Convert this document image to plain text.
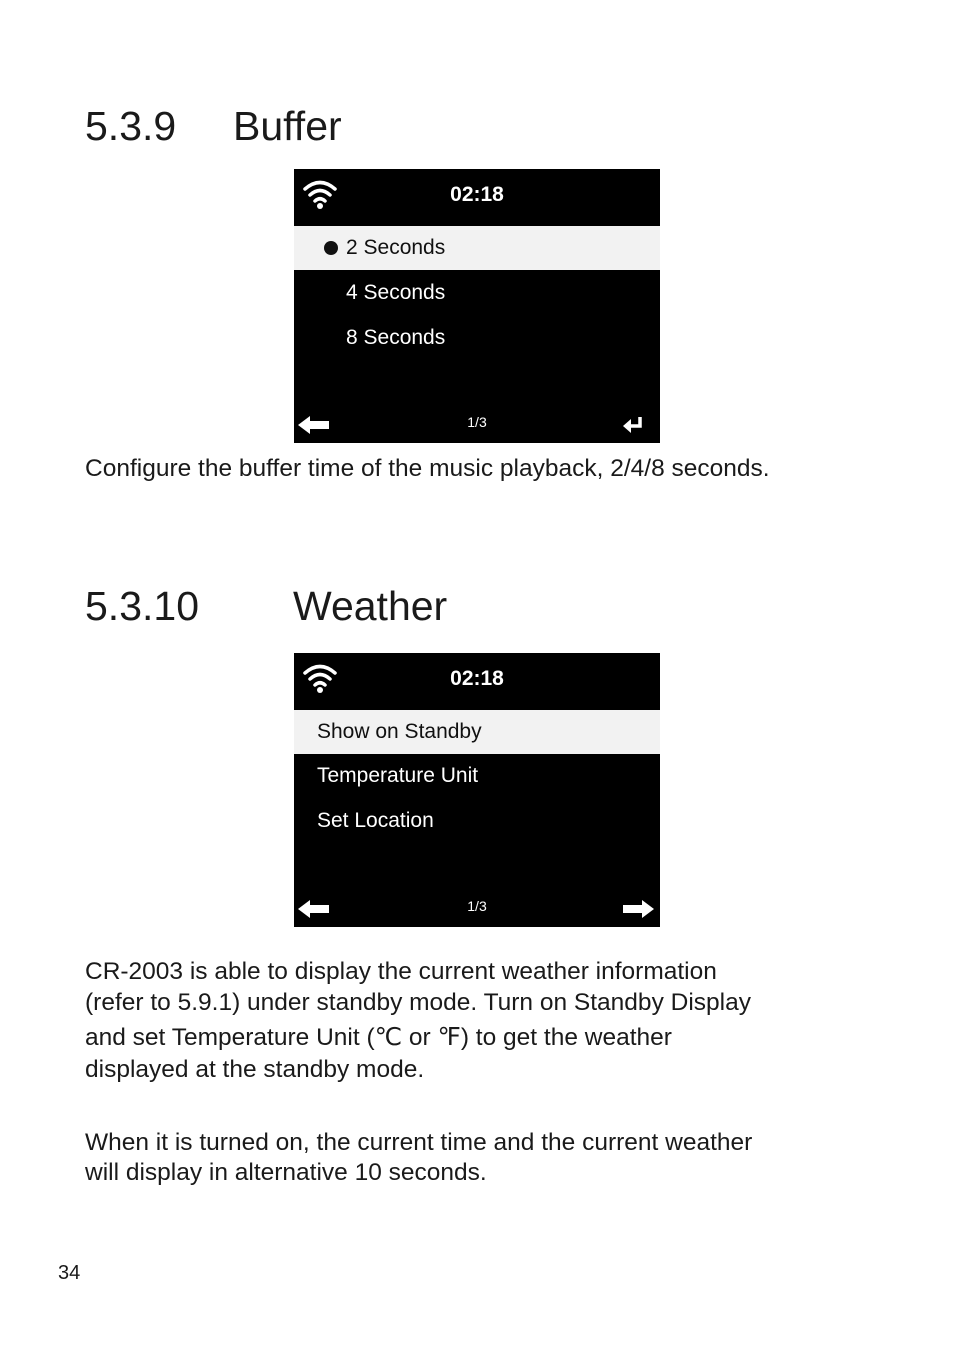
5.3.9 Buffer
02:18
2 Seconds
4 Seconds
8 Seconds
1/3

Configure the buffer time of the music playback, 2/4/8 seconds.

5.3.10 Weather
02:18
Show on Standby
Temperature Unit
Set Location
1/3

CR-2003 is able to display the current weather information

(refer to 5.9.1) under standby mode. Turn on Standby Display

and set Temperature Unit (℃ or ℉) to get the weather

displayed at the standby mode.

When it is turned on, the current time and the current weather

will display in alternative 10 seconds.

34
